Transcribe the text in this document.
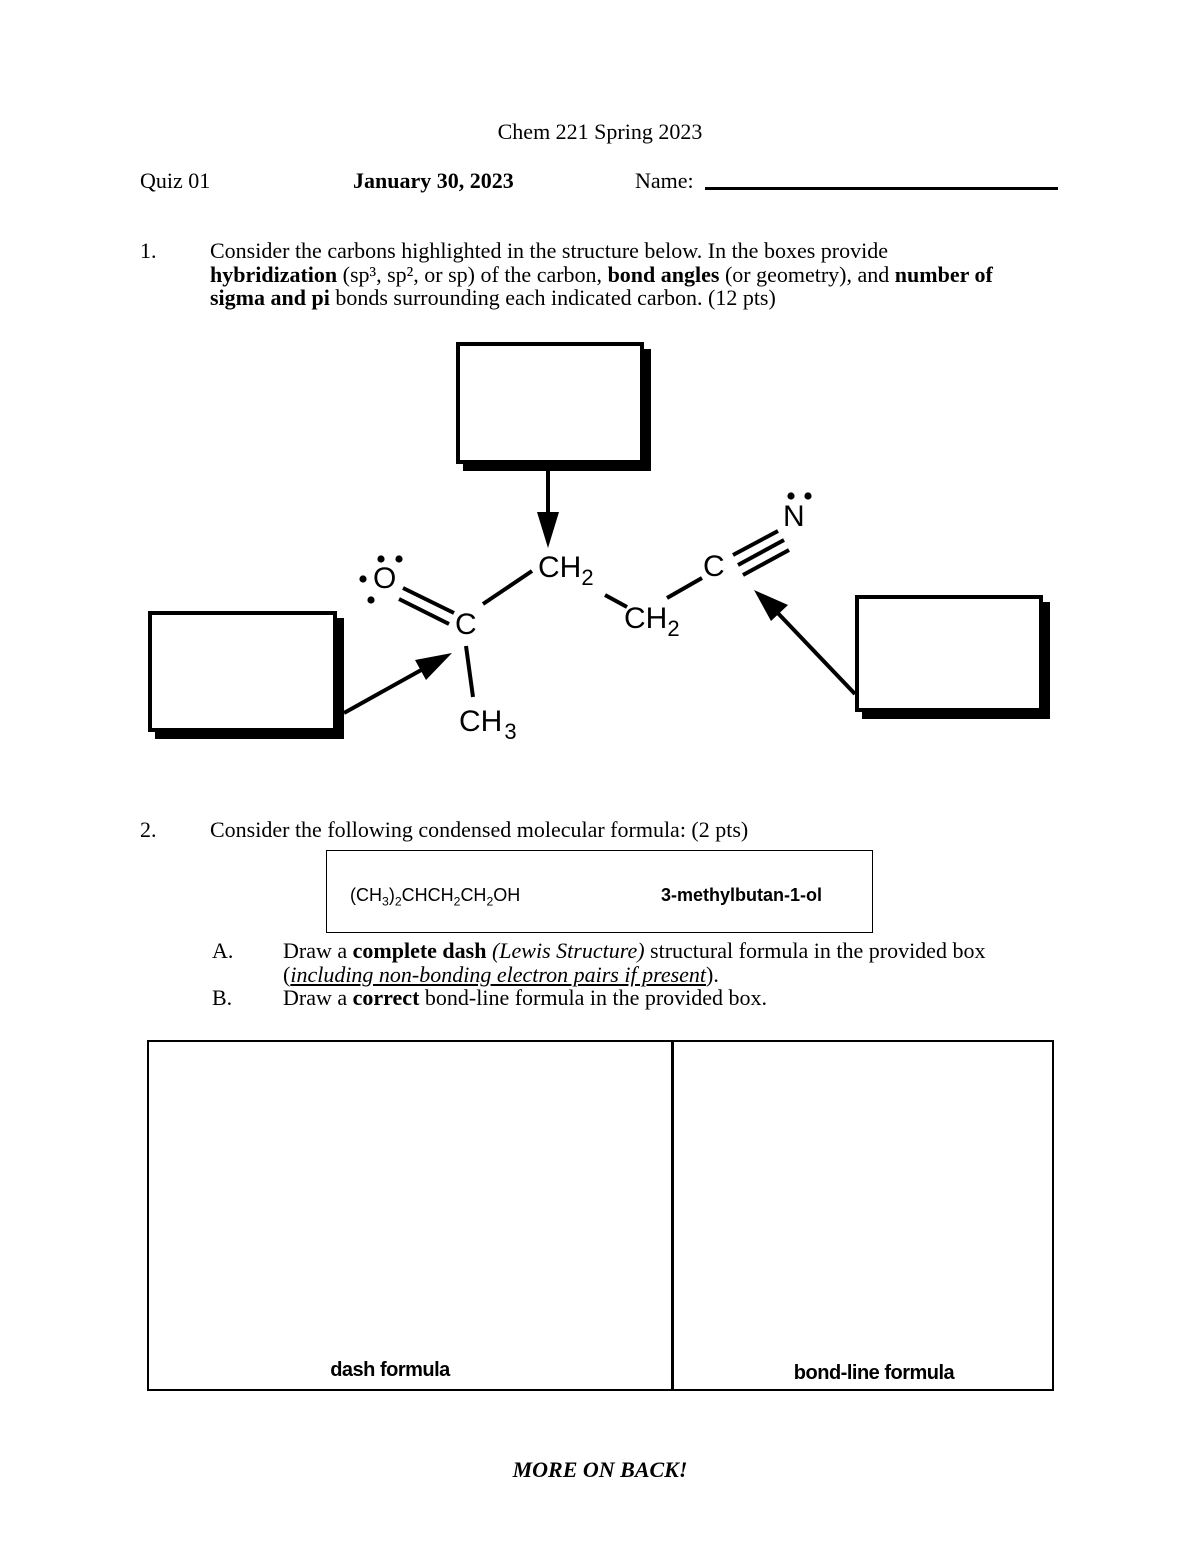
Chem 221 Spring 2023
Quiz 01	January 30, 2023	Name:
1. Consider the carbons highlighted in the structure below. In the boxes provide
hybridization (sp³, sp², or sp) of the carbon, bond angles (or geometry), and number of
sigma and pi bonds surrounding each indicated carbon. (12 pts)
O
C
CH2
CH2
C
N
CH3
2. Consider the following condensed molecular formula: (2 pts)
$(CH_3)_2CHCH_2CH_2OH$	3-methylbutan-1-ol
A. Draw a complete dash (Lewis Structure) structural formula in the provided box
(including non-bonding electron pairs if present).
B. Draw a correct bond-line formula in the provided box.
dash formula	bond-line formula
MORE ON BACK!
